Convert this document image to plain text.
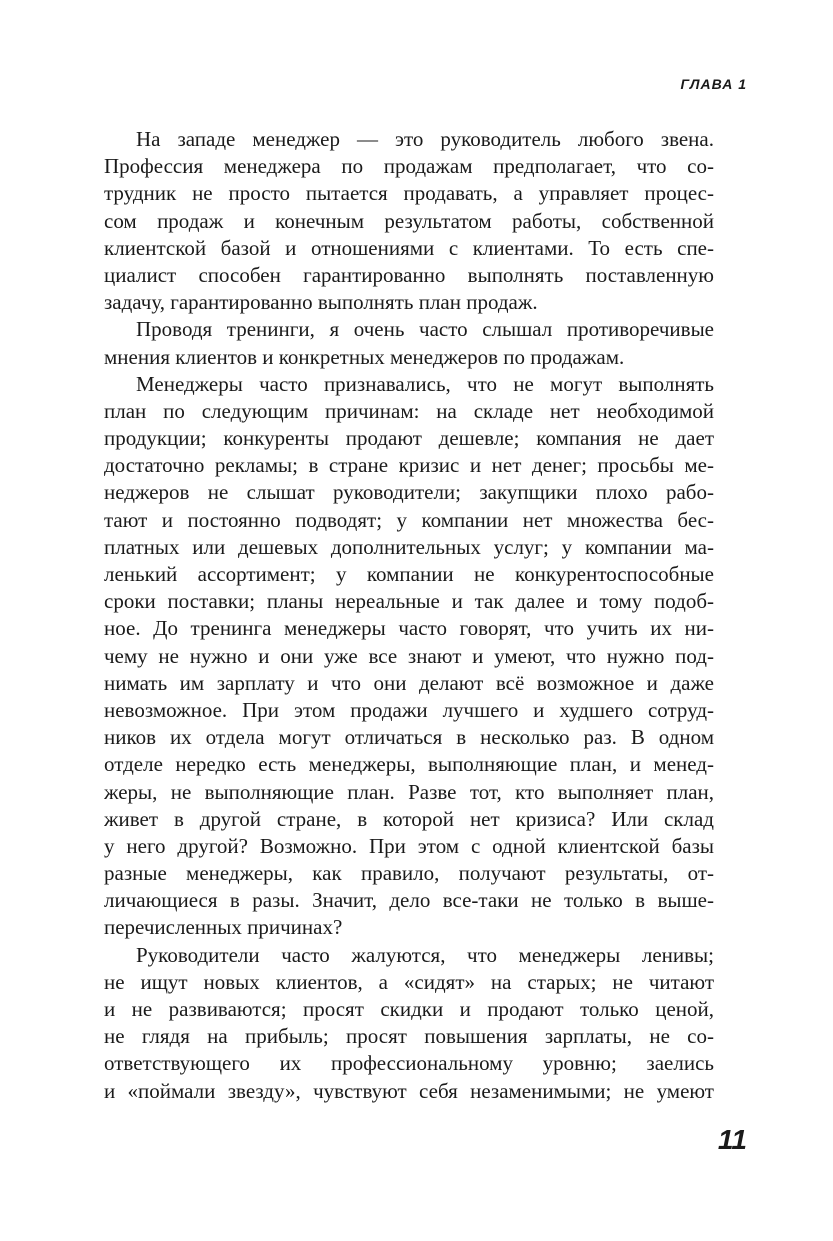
ГЛАВА 1
На западе менеджер — это руководитель любого звена.
Профессия менеджера по продажам предполагает, что со-
трудник не просто пытается продавать, а управляет процес-
сом продаж и конечным результатом работы, собственной
клиентской базой и отношениями с клиентами. То есть спе-
циалист способен гарантированно выполнять поставленную
задачу, гарантированно выполнять план продаж.
Проводя тренинги, я очень часто слышал противоречивые
мнения клиентов и конкретных менеджеров по продажам.
Менеджеры часто признавались, что не могут выполнять
план по следующим причинам: на складе нет необходимой
продукции; конкуренты продают дешевле; компания не дает
достаточно рекламы; в стране кризис и нет денег; просьбы ме-
неджеров не слышат руководители; закупщики плохо рабо-
тают и постоянно подводят; у компании нет множества бес-
платных или дешевых дополнительных услуг; у компании ма-
ленький ассортимент; у компании не конкурентоспособные
сроки поставки; планы нереальные и так далее и тому подоб-
ное. До тренинга менеджеры часто говорят, что учить их ни-
чему не нужно и они уже все знают и умеют, что нужно под-
нимать им зарплату и что они делают всё возможное и даже
невозможное. При этом продажи лучшего и худшего сотруд-
ников их отдела могут отличаться в несколько раз. В одном
отделе нередко есть менеджеры, выполняющие план, и менед-
жеры, не выполняющие план. Разве тот, кто выполняет план,
живет в другой стране, в которой нет кризиса? Или склад
у него другой? Возможно. При этом с одной клиентской базы
разные менеджеры, как правило, получают результаты, от-
личающиеся в разы. Значит, дело все-таки не только в выше-
перечисленных причинах?
Руководители часто жалуются, что менеджеры ленивы;
не ищут новых клиентов, а «сидят» на старых; не читают
и не развиваются; просят скидки и продают только ценой,
не глядя на прибыль; просят повышения зарплаты, не со-
ответствующего их профессиональному уровню; заелись
и «поймали звезду», чувствуют себя незаменимыми; не умеют
11
